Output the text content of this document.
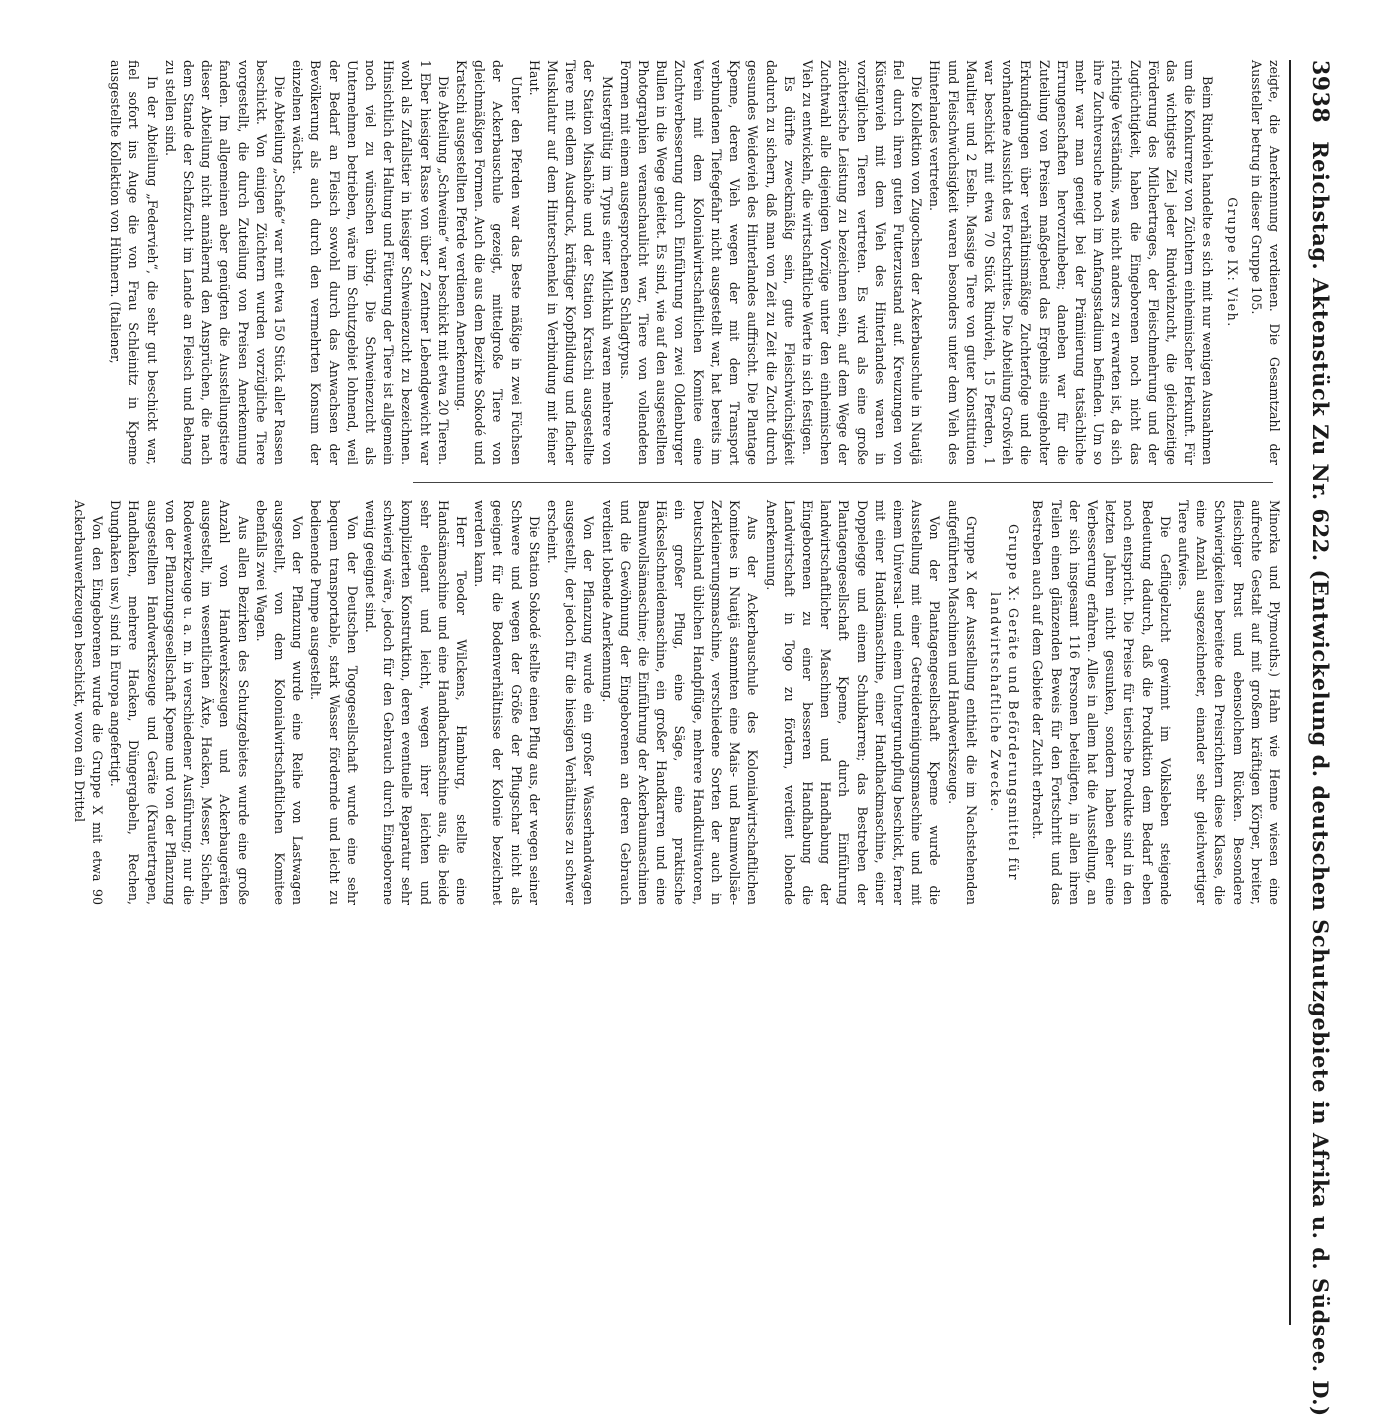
3938
Reichstag. Aktenstück Zu Nr. 622. (Entwickelung d. deutschen Schutzgebiete in Afrika u. d. Südsee. D.)

zeigte, die Anerkennung verdienen. Die Gesamtzahl der Aussteller betrug in dieser Gruppe 105.

Gruppe IX: Vieh.

Beim Rindvieh handelte es sich mit nur wenigen Ausnahmen um die Konkurrenz von Züchtern einheimischer Herkunft. Für das wichtigste Ziel jeder Rindviehzucht, die gleichzeitige Förderung des Milchertrages, der Fleischmehrung und der Zugtüchtigkeit, haben die Eingeborenen noch nicht das richtige Verständnis, was nicht anders zu erwarten ist, da sich ihre Zuchtversuche noch im Anfangsstadium befinden. Um so mehr war man geneigt bei der Prämiierung tatsächliche Errungenschaften hervorzuheben; daneben war für die Zuteilung von Preisen maßgebend das Ergebnis eingeholter Erkundigungen über verhältnismäßige Zuchterfolge und die vorhandene Aussicht des Fortschrittes. Die Abteilung Großvieh war beschickt mit etwa 70 Stück Rindvieh, 15 Pferden, 1 Maultier und 2 Eseln. Massige Tiere von guter Konstitution und Fleischwüchsigkeit waren besonders unter dem Vieh des Hinterlandes vertreten.

Die Kollektion von Zugochsen der Ackerbauschule in Nuatjä fiel durch ihren guten Futterzustand auf. Kreuzungen von Küstenvieh mit dem Vieh des Hinterlandes waren in vorzüglichen Tieren vertreten. Es wird als eine große züchterische Leistung zu bezeichnen sein, auf dem Wege der Zuchtwahl alle diejenigen Vorzüge unter den einheimischen Vieh zu entwickeln, die wirtschaftliche Werte in sich festigen.

Es dürfte zweckmäßig sein, gute Fleischwüchsigkeit dadurch zu sichern, daß man von Zeit zu Zeit die Zucht durch gesundes Weidevieh des Hinterlandes auffrischt. Die Plantage Kpeme, deren Vieh wegen der mit dem Transport verbundenen Tiefegefahr nicht ausgestellt war, hat bereits im Verein mit dem Kolonialwirtschaftlichen Komitee eine Zuchtverbesserung durch Einführung von zwei Oldenburger Bullen in die Wege geleitet. Es sind, wie auf den ausgestellten Photographien veranschaulicht war, Tiere von vollendeten Formen mit einem ausgesprochenen Schlagtypus.

Mustergültig im Typus einer Milchkuh waren mehrere von der Station Misahöhe und der Station Kratschi ausgestellte Tiere mit edlem Ausdruck, kräftiger Kopfbildung und flacher Muskulatur auf dem Hinterschenkel in Verbindung mit feiner Haut.

Unter den Pferden war das Beste mäßige in zwei Füchsen der Ackerbauschule gezeigt, mittelgroße Tiere von gleichmäßigen Formen. Auch die aus dem Bezirke Sokodé und Kratschi ausgestellten Pferde verdienen Anerkennung.

Die Abteilung „Schweine“ war beschickt mit etwa 20 Tieren. 1 Eber hiesiger Rasse von über 2 Zentner Lebendgewicht war wohl als Zufallstier in hiesiger Schweinezucht zu bezeichnen. Hinsichtlich der Haltung und Fütterung der Tiere ist allgemein noch viel zu wünschen übrig. Die Schweinezucht als Unternehmen betrieben, wäre im Schutzgebiet lohnend, weil der Bedarf an Fleisch sowohl durch das Anwachsen der Bevölkerung als auch durch den vermehrten Konsum der einzelnen wächst.

Die Abteilung „Schafe“ war mit etwa 150 Stück aller Rassen beschickt. Von einigen Züchtern wurden vorzügliche Tiere vorgestellt, die durch Zuteilung von Preisen Anerkennung fanden. Im allgemeinen aber genügten die Ausstellungstiere dieser Abteilung nicht annähernd den Ansprüchen, die nach dem Stande der Schafzucht im Lande an Fleisch und Behang zu stellen sind.

In der Abteilung „Federvieh“, die sehr gut beschickt war, fiel sofort ins Auge die von Frau Schleinitz in Kpeme ausgestellte Kollektion von Hühnern. (Italiener,

Minorka und Plymouths.) Hahn wie Henne wiesen eine aufrechte Gestalt auf mit großem kräftigen Körper, breiter, fleischiger Brust und ebensolchem Rücken. Besondere Schwierigkeiten bereitete den Preisrichtern diese Klasse, die eine Anzahl ausgezeichneter, einander sehr gleichwertiger Tiere aufwies.

Die Geflügelzucht gewinnt im Volksleben steigende Bedeutung dadurch, daß die Produktion dem Bedarf eben noch entspricht. Die Preise für tierische Produkte sind in den letzten Jahren nicht gesunken, sondern haben eher eine Verbesserung erfahren. Alles in allem hat die Ausstellung, an der sich insgesamt 116 Personen beteiligten, in allen ihren Teilen einen glänzenden Beweis für den Fortschritt und das Bestreben auch auf dem Gebiete der Zucht erbracht.

Gruppe X: Geräte und Beförderungsmittel für landwirtschaftliche Zwecke.

Gruppe X der Ausstellung enthielt die im Nachstehenden aufgeführten Maschinen und Handwerkszeuge.

Von der Plantagengesellschaft Kpeme wurde die Ausstellung mit einer Getreidereinigungsmaschine und mit einem Universal- und einem Untergrundpflug beschickt, ferner mit einer Handsämaschine, einer Handhackmaschine, einer Doppelegge und einem Schubkarren; das Bestreben der Plantagengesellschaft Kpeme, durch Einführung landwirtschaftlicher Maschinen und Handhabung der Eingeborenen zu einer besseren Handhabung die Landwirtschaft in Togo zu fördern, verdient lobende Anerkennung.

Aus der Ackerbauschule des Kolonialwirtschaftlichen Komitees in Nuatjä stammten eine Mais- und Baumwollsäe-Zerkleinerungsmaschine, verschiedene Sorten der auch in Deutschland üblichen Handpflüge, mehrere Handkultivatoren, ein großer Pflug, eine Säge, eine praktische Häckselschneidemaschine, ein großer Handkarren und eine Baumwollsämaschine; die Einführung der Ackerbaumaschinen und die Gewöhnung der Eingeborenen an deren Gebrauch verdient lobende Anerkennung.

Von der Pflanzung wurde ein großer Wasserhandwagen ausgestellt, der jedoch für die hiesigen Verhältnisse zu schwer erscheint.

Die Station Sokodé stellte einen Pflug aus, der wegen seiner Schwere und wegen der Größe der Pflugschar nicht als geeignet für die Bodenverhältnisse der Kolonie bezeichnet werden kann.

Herr Teodor Wilckens, Hamburg, stellte eine Handsämaschine und eine Handhackmaschine aus, die beide sehr elegant und leicht, wegen ihrer leichten und komplizierten Konstruktion, deren eventuelle Reparatur sehr schwierig wäre, jedoch für den Gebrauch durch Eingeborene wenig geeignet sind.

Von der Deutschen Togogesellschaft wurde eine sehr bequem transportable, stark Wasser fördernde und leicht zu bedienende Pumpe ausgestellt.

Von der Pflanzung wurde eine Reihe von Lastwagen ausgestellt, von dem Kolonialwirtschaftlichen Komitee ebenfalls zwei Wagen.

Aus allen Bezirken des Schutzgebietes wurde eine große Anzahl von Handwerkszeugen und Ackerbaugeräten ausgestellt, im wesentlichen Äxte, Hacken, Messer, Sicheln, Rodewerkzeuge u. a. m. in verschiedener Ausführung; nur die von der Pflanzungsgesellschaft Kpeme und von der Pflanzung ausgestellten Handwerkszeuge und Geräte (Krautertrapen, Handhaken, mehrere Hacken, Düngergabeln, Rechen, Dunghaken usw.) sind in Europa angefertigt.

Von den Eingeborenen wurde die Gruppe X mit etwa 90 Ackerbauwerkzeugen beschickt, wovon ein Drittel
